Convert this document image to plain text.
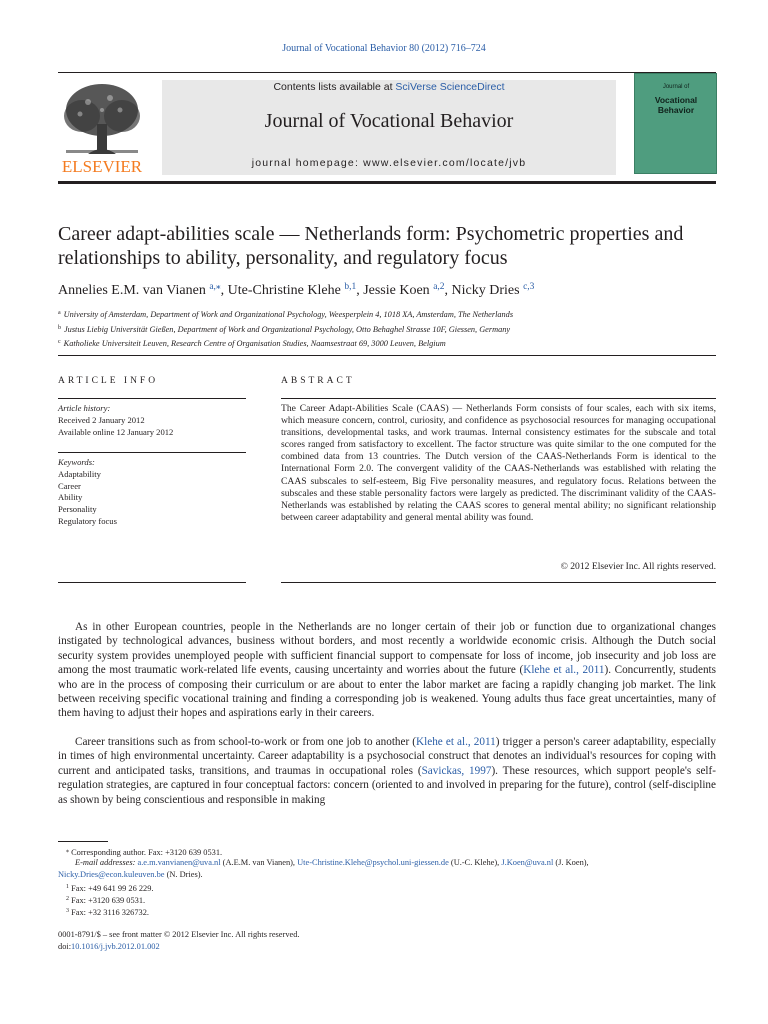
Journal of Vocational Behavior 80 (2012) 716–724
ELSEVIER
Contents lists available at SciVerse ScienceDirect
Journal of Vocational Behavior
journal homepage: www.elsevier.com/locate/jvb
Journal of
Vocational Behavior
Career adapt-abilities scale — Netherlands form: Psychometric properties and relationships to ability, personality, and regulatory focus
Annelies E.M. van Vianen $^{a,⁎}$, Ute-Christine Klehe $^{b,1}$, Jessie Koen $^{a,2}$, Nicky Dries $^{c,3}$
$^a$ University of Amsterdam, Department of Work and Organizational Psychology, Weesperplein 4, 1018 XA, Amsterdam, The Netherlands
$^b$ Justus Liebig Universität Gießen, Department of Work and Organizational Psychology, Otto Behaghel Strasse 10F, Giessen, Germany
$^c$ Katholieke Universiteit Leuven, Research Centre of Organisation Studies, Naamsestraat 69, 3000 Leuven, Belgium
ARTICLE INFO	ABSTRACT
Article history:
Received 2 January 2012
Available online 12 January 2012
Keywords:
Adaptability
Career
Ability
Personality
Regulatory focus
The Career Adapt-Abilities Scale (CAAS) — Netherlands Form consists of four scales, each with six items, which measure concern, control, curiosity, and confidence as psychosocial resources for managing occupational transitions, developmental tasks, and work traumas. Internal consistency estimates for the subscale and total scores ranged from satisfactory to excellent. The factor structure was quite similar to the one computed for the combined data from 13 countries. The Dutch version of the CAAS-Netherlands Form is identical to the International Form 2.0. The convergent validity of the CAAS-Netherlands was established with relating the CAAS subscales to self-esteem, Big Five personality measures, and regulatory focus. Relations between the subscales and these stable personality factors were largely as predicted. The discriminant validity of the CAAS-Netherlands was established by relating the CAAS scores to general mental ability; no significant relationship between career adaptability and general mental ability was found.
© 2012 Elsevier Inc. All rights reserved.
As in other European countries, people in the Netherlands are no longer certain of their job or function due to organizational changes instigated by technological advances, business without borders, and most recently a worldwide economic crisis. Although the Dutch social security system provides unemployed people with sufficient financial support to compensate for loss of income, job insecurity and job loss are among the most traumatic work-related life events, causing uncertainty and worries about the future (Klehe et al., 2011). Concurrently, students who are in the process of composing their curriculum or are about to enter the labor market are facing a rapidly changing job market. The link between receiving specific vocational training and finding a corresponding job is weakened. Young adults thus face great uncertainties, many of them having to adjust their hopes and aspirations early in their careers.
Career transitions such as from school-to-work or from one job to another (Klehe et al., 2011) trigger a person's career adaptability, especially in times of high environmental uncertainty. Career adaptability is a psychosocial construct that denotes an individual's resources for coping with current and anticipated tasks, transitions, and traumas in occupational roles (Savickas, 1997). These resources, which support people's self-regulation strategies, are captured in four conceptual factors: concern (oriented to and involved in preparing for the future), control (self-discipline as shown by being conscientious and responsible in making
⁎ Corresponding author. Fax: +3120 639 0531.
E-mail addresses: a.e.m.vanvianen@uva.nl (A.E.M. van Vianen), Ute-Christine.Klehe@psychol.uni-giessen.de (U.-C. Klehe), J.Koen@uva.nl (J. Koen),
Nicky.Dries@econ.kuleuven.be (N. Dries).
$^1$ Fax: +49 641 99 26 229.
$^2$ Fax: +3120 639 0531.
$^3$ Fax: +32 3116 326732.
0001-8791/$ – see front matter © 2012 Elsevier Inc. All rights reserved.
doi:10.1016/j.jvb.2012.01.002
